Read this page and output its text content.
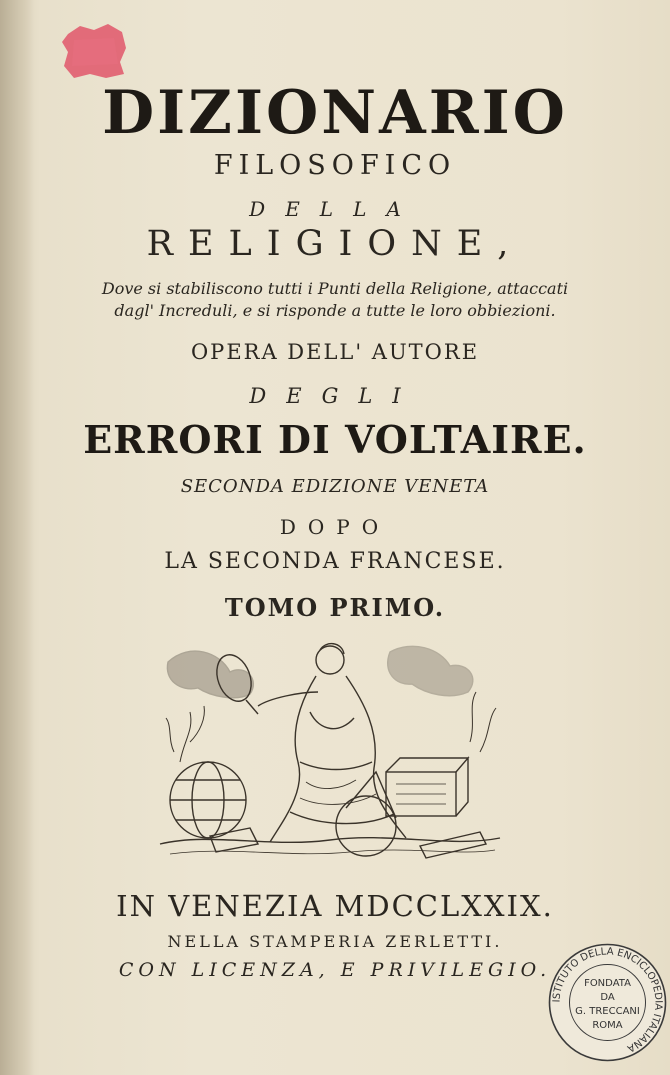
DIZIONARIO
FILOSOFICO
DELLA
RELIGIONE,
Dove si stabiliscono tutti i Punti della Religione, attaccati
dagl' Increduli, e si risponde a tutte le loro obbiezioni.
OPERA DELL' AUTORE
DEGLI
ERRORI DI VOLTAIRE.
SECONDA EDIZIONE VENETA
DOPO
LA SECONDA FRANCESE.
TOMO PRIMO.
IN VENEZIA MDCCLXXIX.
NELLA STAMPERIA ZERLETTI.
CON LICENZA, E PRIVILEGIO.
ISTITUTO DELLA ENCICLOPEDIA ITALIANA
FONDATA
DA
G. TRECCANI
ROMA
